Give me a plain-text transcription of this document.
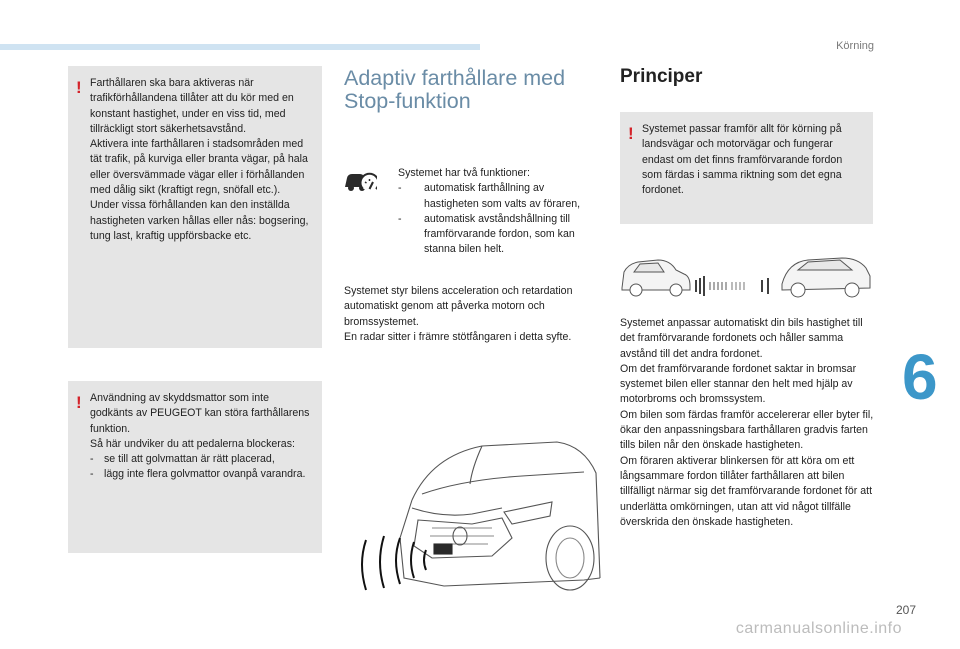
Körning
6
! Farthållaren ska bara aktiveras när trafikförhållandena tillåter att du kör med en konstant hastighet, under en viss tid, med tillräckligt stort säkerhetsavstånd.

Aktivera inte farthållaren i stadsområden med tät trafik, på kurviga eller branta vägar, på hala eller översvämmade vägar eller i förhållanden med dålig sikt (kraftigt regn, snöfall etc.).

Under vissa förhållanden kan den inställda hastigheten varken hållas eller nås: bogsering, tung last, kraftig uppförsbacke etc.

! Användning av skyddsmattor som inte godkänts av PEUGEOT kan störa farthållarens funktion.

Så här undviker du att pedalerna blockeras:

- se till att golvmattan är rätt placerad,
- lägg inte flera golvmattor ovanpå varandra.
Adaptiv farthållare med Stop-funktion

Systemet har två funktioner:

- automatisk farthållning av hastigheten som valts av föraren,
- automatisk avståndshållning till framförvarande fordon, som kan stanna bilen helt.

Systemet styr bilens acceleration och retardation automatiskt genom att påverka motorn och bromssystemet.

En radar sitter i främre stötfångaren i detta syfte.

Principer
! Systemet passar framför allt för körning på landsvägar och motorvägar och fungerar endast om det finns framförvarande fordon som färdas i samma riktning som det egna fordonet.

Systemet anpassar automatiskt din bils hastighet till det framförvarande fordonets och håller samma avstånd till det andra fordonet.

Om det framförvarande fordonet saktar in bromsar systemet bilen eller stannar den helt med hjälp av motorbroms och bromssystem.

Om bilen som färdas framför accelererar eller byter fil, ökar den anpassningsbara farthållaren gradvis farten tills bilen når den önskade hastigheten.

Om föraren aktiverar blinkersen för att köra om ett långsammare fordon tillåter farthållaren att bilen tillfälligt närmar sig det framförvarande fordonet för att underlätta omkörningen, utan att vid något tillfälle överskrida den önskade hastigheten.

207
carmanualsonline.info
